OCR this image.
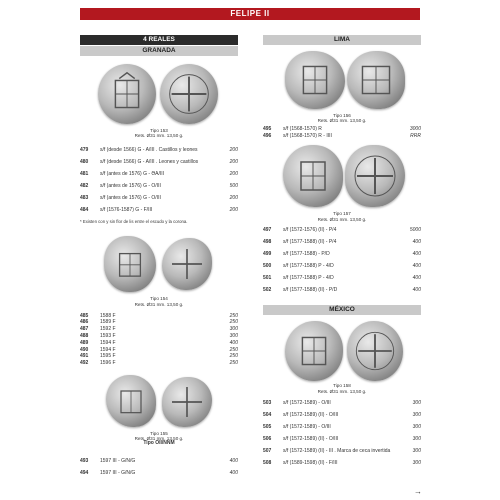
FELIPE II
4 REALES
GRANADA
Tipo 153
Rets. Ø31 mm. 13,50 g.
479	s/f (desde 1566) G - A/III . Castillos y leones	200
480	s/f (desde 1566) G - A/III . Leones y castillos	200
481	s/f (antes de 1576) G - ƏA/III	200
482	s/f (antes de 1576) G - O/III	500
483	s/f (antes de 1576) G - O/III	200
484	s/f (1576-1587) G - F/III	200
* Existen con y sin flor de lis entre el escudo y la corona.
Tipo 154
Rets. Ø31 mm. 13,50 g.
485	1588 F	250
486	1589 F	250
487	1592 F	300
488	1593 F	300
489	1594 F	400
490	1594 F	250
491	1595 F	250
492	1596 F	250
Tipo 155
Rets. Ø31 mm. 13,50 g.
Tipo OII/NNM
493	1597 III - G/N/G	400
494	1597 III - G/N/G	400
LIMA
Tipo 156
Rets. Ø31 mm. 13,50 g.
495	s/f (1568-1570) R	3000
496	s/f (1568-1570) R - IIII	RRR
Tipo 157
Rets. Ø31 mm. 13,50 g.
497	s/f (1572-1576) (II) - P/4	5000
498	s/f (1577-1588) (II) - P/4	400
499	s/f (1577-1588) - P/D	400
500	s/f (1577-1588) P - 4/D	400
501	s/f (1577-1588) P - 4/D	400
502	s/f (1577-1588) (II) - P/D	400
MÉXICO
Tipo 158
Rets. Ø31 mm. 13,50 g.
503	s/f (1572-1589) - O/III	300
504	s/f (1572-1589) (II) - O/III	300
505	s/f (1572-1589) - O/III	300
506	s/f (1572-1589) (II) - O/III	300
507	s/f (1572-1589) (II) - III . Marca de ceca invertida	300
508	s/f (1589-1598) (II) - F/III	300
→
